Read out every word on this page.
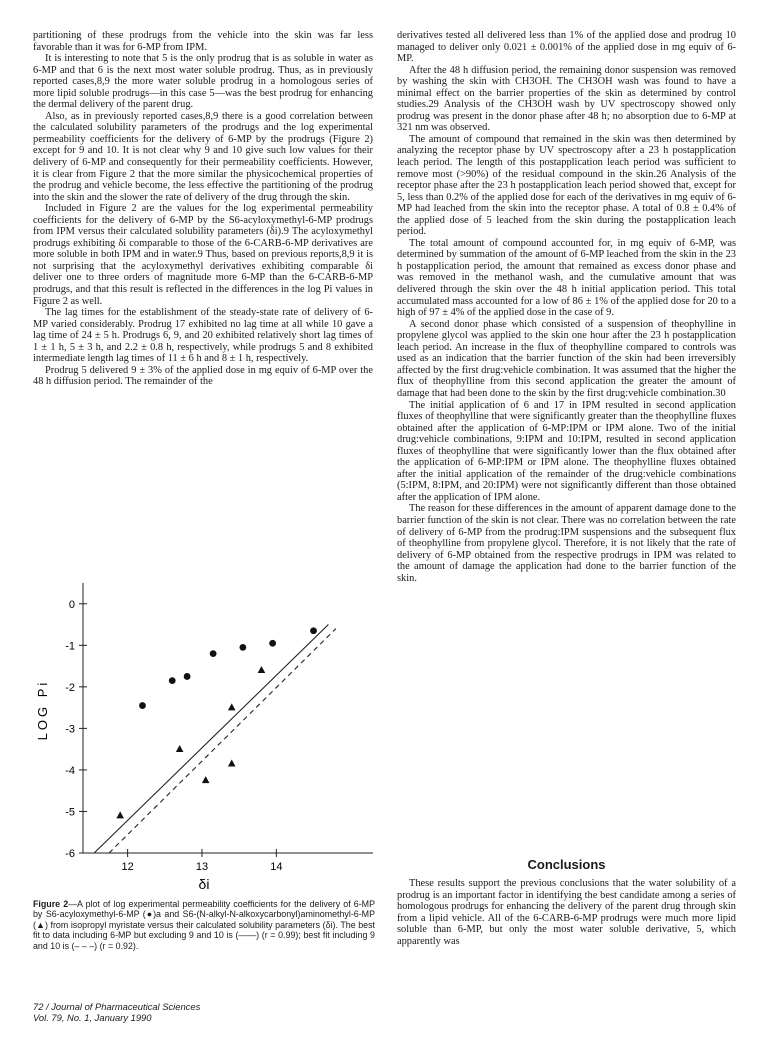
partitioning of these prodrugs from the vehicle into the skin was far less favorable than it was for 6-MP from IPM.

It is interesting to note that 5 is the only prodrug that is as soluble in water as 6-MP and that 6 is the next most water soluble prodrug. Thus, as in previously reported cases,8,9 the more water soluble prodrug in a homologous series of more lipid soluble prodrugs—in this case 5—was the best prodrug for enhancing the dermal delivery of the parent drug.

Also, as in previously reported cases,8,9 there is a good correlation between the calculated solubility parameters of the prodrugs and the log experimental permeability coefficients for the delivery of 6-MP by the prodrugs (Figure 2) except for 9 and 10. It is not clear why 9 and 10 give such low values for their delivery of 6-MP and consequently for their permeability coefficients. However, it is clear from Figure 2 that the more similar the physicochemical properties of the prodrug and vehicle become, the less effective the partitioning of the prodrug into the skin and the slower the rate of delivery of the drug through the skin.

Included in Figure 2 are the values for the log experimental permeability coefficients for the delivery of 6-MP by the S6-acyloxymethyl-6-MP prodrugs from IPM versus their calculated solubility parameters (δi).9 The acyloxymethyl prodrugs exhibiting δi comparable to those of the 6-CARB-6-MP derivatives are more soluble in both IPM and in water.9 Thus, based on previous reports,8,9 it is not surprising that the acyloxymethyl derivatives exhibiting comparable δi deliver one to three orders of magnitude more 6-MP than the 6-CARB-6-MP prodrugs, and that this result is reflected in the differences in the log Pi values in Figure 2 as well.

The lag times for the establishment of the steady-state rate of delivery of 6-MP varied considerably. Prodrug 17 exhibited no lag time at all while 10 gave a lag time of 24 ± 5 h. Prodrugs 6, 9, and 20 exhibited relatively short lag times of 1 ± 1 h, 5 ± 3 h, and 2.2 ± 0.8 h, respectively, while prodrugs 5 and 8 exhibited intermediate length lag times of 11 ± 6 h and 8 ± 1 h, respectively.

Prodrug 5 delivered 9 ± 3% of the applied dose in mg equiv of 6-MP over the 48 h diffusion period. The remainder of the

derivatives tested all delivered less than 1% of the applied dose and prodrug 10 managed to deliver only 0.021 ± 0.001% of the applied dose in mg equiv of 6-MP.

After the 48 h diffusion period, the remaining donor suspension was removed by washing the skin with CH3OH. The CH3OH wash was found to have a minimal effect on the barrier properties of the skin as determined by control studies.29 Analysis of the CH3OH wash by UV spectroscopy showed only prodrug was present in the donor phase after 48 h; no absorption due to 6-MP at 321 nm was observed.

The amount of compound that remained in the skin was then determined by analyzing the receptor phase by UV spectroscopy after a 23 h postapplication leach period. The length of this postapplication leach period was sufficient to remove most (>90%) of the residual compound in the skin.26 Analysis of the receptor phase after the 23 h postapplication leach period showed that, except for 5, less than 0.2% of the applied dose for each of the derivatives in mg equiv of 6-MP had leached from the skin into the receptor phase. A total of 0.8 ± 0.4% of the applied dose of 5 leached from the skin during the postapplication leach period.

The total amount of compound accounted for, in mg equiv of 6-MP, was determined by summation of the amount of 6-MP leached from the skin in the 23 h postapplication period, the amount that remained as excess donor phase and was removed in the methanol wash, and the cumulative amount that was delivered through the skin over the 48 h initial application period. This total accumulated mass accounted for a low of 86 ± 1% of the applied dose for 20 to a high of 97 ± 4% of the applied dose in the case of 9.

A second donor phase which consisted of a suspension of theophylline in propylene glycol was applied to the skin one hour after the 23 h postapplication leach period. An increase in the flux of theophylline compared to controls was used as an indication that the barrier function of the skin had been irreversibly affected by the first drug:vehicle combination. It was assumed that the higher the flux of theophylline from this second application the greater the amount of damage that had been done to the skin by the first drug:vehicle combination.30

The initial application of 6 and 17 in IPM resulted in second application fluxes of theophylline that were significantly greater than the theophylline fluxes obtained after the application of 6-MP:IPM or IPM alone. Two of the initial drug:vehicle combinations, 9:IPM and 10:IPM, resulted in second application fluxes of theophylline that were significantly lower than the flux obtained after the application of 6-MP:IPM or IPM alone. The theophylline fluxes obtained after the initial application of the remainder of the drug:vehicle combinations (5:IPM, 8:IPM, and 20:IPM) were not significantly different than those obtained after the application of IPM alone.

The reason for these differences in the amount of apparent damage done to the barrier function of the skin is not clear. There was no correlation between the rate of delivery of 6-MP from the prodrug:IPM suspensions and the subsequent flux of theophylline from propylene glycol. Therefore, it is not likely that the rate of delivery of 6-MP obtained from the respective prodrugs in IPM was related to the amount of damage the application had done to the barrier function of the skin.

Conclusions

These results support the previous conclusions that the water solubility of a prodrug is an important factor in identifying the best candidate among a series of homologous prodrugs for enhancing the delivery of the parent drug through skin from a lipid vehicle. All of the 6-CARB-6-MP prodrugs were much more lipid soluble than 6-MP, but only the most water soluble derivative, 5, which apparently was

0
-1
-2
-3
-4
-5
-6
12	13	14
δi
LOG Pi
Figure 2—A plot of log experimental permeability coefficients for the delivery of 6-MP by S6-acyloxymethyl-6-MP (●)a and S6-(N-alkyl-N-alkoxycarbonyl)aminomethyl-6-MP (▲) from isopropyl myristate versus their calculated solubility parameters (δi). The best fit to data including 6-MP but excluding 9 and 10 is (——) (r = 0.99); best fit including 9 and 10 is (– – –) (r = 0.92).
72 / Journal of Pharmaceutical Sciences
Vol. 79, No. 1, January 1990
